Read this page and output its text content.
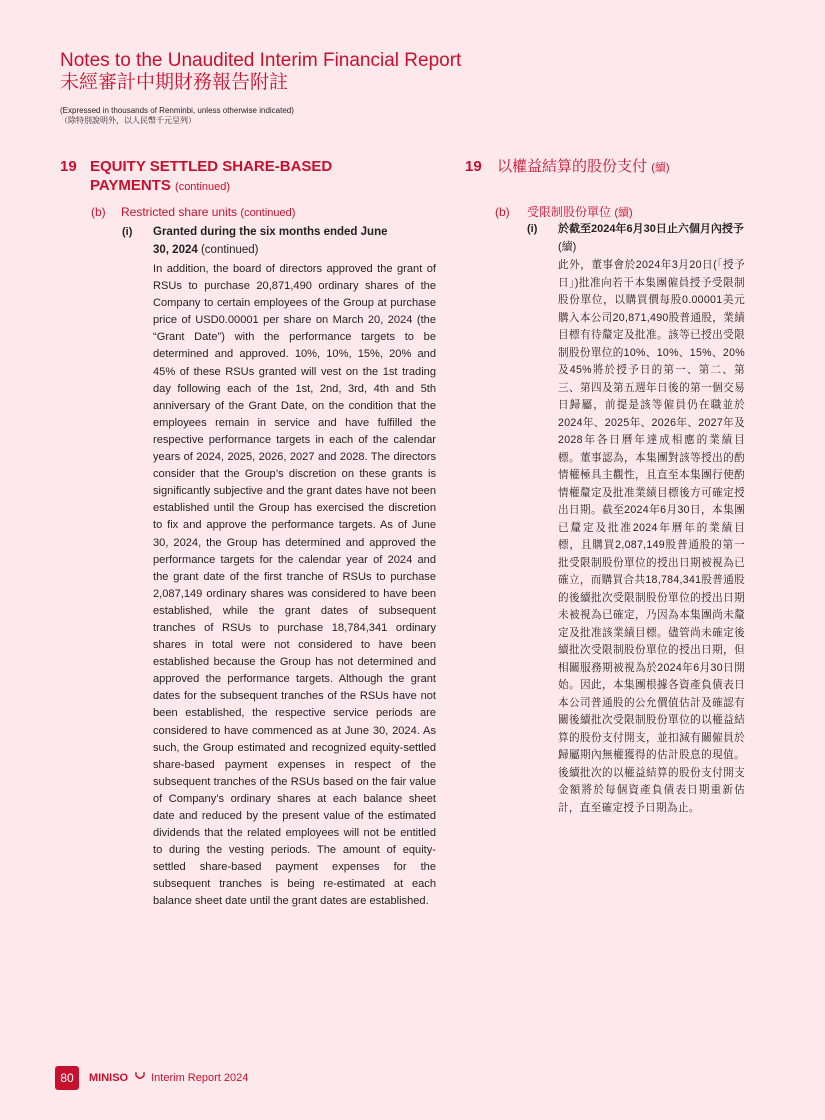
Notes to the Unaudited Interim Financial Report
未經審計中期財務報告附註
(Expressed in thousands of Renminbi, unless otherwise indicated)
（除特別說明外，以人民幣千元呈列）
19 EQUITY SETTLED SHARE-BASED
PAYMENTS (continued)
(b) Restricted share units (continued)
(i) Granted during the six months ended June
30, 2024 (continued)
In addition, the board of directors approved the grant of RSUs to purchase 20,871,490 ordinary shares of the Company to certain employees of the Group at purchase price of USD0.00001 per share on March 20, 2024 (the “Grant Date”) with the performance targets to be determined and approved. 10%, 10%, 15%, 20% and 45% of these RSUs granted will vest on the 1st trading day following each of the 1st, 2nd, 3rd, 4th and 5th anniversary of the Grant Date, on the condition that the employees remain in service and have fulfilled the respective performance targets in each of the calendar years of 2024, 2025, 2026, 2027 and 2028. The directors consider that the Group’s discretion on these grants is significantly subjective and the grant dates have not been established until the Group has exercised the discretion to fix and approve the performance targets. As of June 30, 2024, the Group has determined and approved the performance targets for the calendar year of 2024 and the grant date of the first tranche of RSUs to purchase 2,087,149 ordinary shares was considered to have been established, while the grant dates of subsequent tranches of RSUs to purchase 18,784,341 ordinary shares in total were not considered to have been established because the Group has not determined and approved the performance targets. Although the grant dates for the subsequent tranches of the RSUs have not been established, the respective service periods are considered to have commenced as at June 30, 2024. As such, the Group estimated and recognized equity-settled share-based payment expenses in respect of the subsequent tranches of the RSUs based on the fair value of Company’s ordinary shares at each balance sheet date and reduced by the present value of the estimated dividends that the related employees will not be entitled to during the vesting periods. The amount of equity-settled share-based payment expenses for the subsequent tranches is being re-estimated at each balance sheet date until the grant dates are established.
19 以權益結算的股份支付 (續)
(b) 受限制股份單位 (續)
(i) 於截至2024年6月30日止六個月內授予(續)
此外，董事會於2024年3月20日(「授予日」)批准向若干本集團僱員授予受限制股份單位，以購買價每股0.00001美元購入本公司20,871,490股普通股，業績目標有待釐定及批准。該等已授出受限制股份單位的10%、10%、15%、20%及45%將於授予日的第一、第二、第三、第四及第五週年日後的第一個交易日歸屬，前提是該等僱員仍在職並於2024年、2025年、2026年、2027年及2028年各日曆年達成相應的業績目標。董事認為，本集團對該等授出的酌情權極具主觀性，且直至本集團行使酌情權釐定及批准業績目標後方可確定授出日期。截至2024年6月30日，本集團已釐定及批准2024年曆年的業績目標，且購買2,087,149股普通股的第一批受限制股份單位的授出日期被視為已確立，而購買合共18,784,341股普通股的後續批次受限制股份單位的授出日期未被視為已確定，乃因為本集團尚未釐定及批准該業績目標。儘管尚未確定後續批次受限制股份單位的授出日期，但相關服務期被視為於2024年6月30日開始。因此，本集團根據各資產負債表日本公司普通股的公允價值估計及確認有關後續批次受限制股份單位的以權益結算的股份支付開支，並扣減有關僱員於歸屬期內無權獲得的估計股息的現值。後續批次的以權益結算的股份支付開支金額將於每個資產負債表日期重新估計，直至確定授予日期為止。
80	MINISO Interim Report 2024
